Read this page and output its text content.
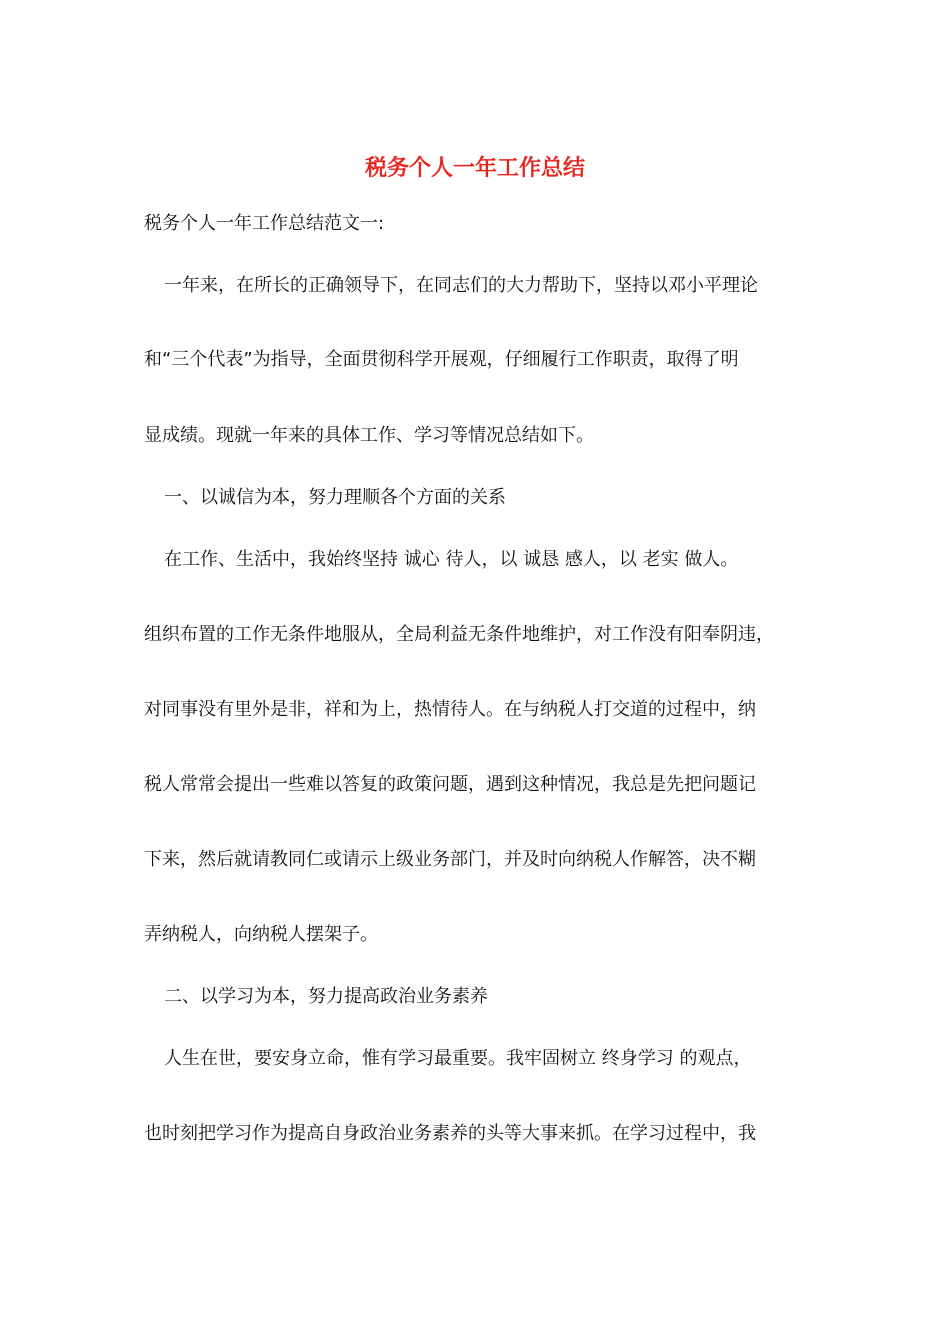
税务个人一年工作总结

税务个人一年工作总结范文一:

一年来，在所长的正确领导下，在同志们的大力帮助下，坚持以邓小平理论

和“三个代表”为指导，全面贯彻科学开展观，仔细履行工作职责，取得了明

显成绩。现就一年来的具体工作、学习等情况总结如下。

一、以诚信为本，努力理顺各个方面的关系

在工作、生活中，我始终坚持 诚心 待人，以 诚恳 感人，以 老实 做人。

组织布置的工作无条件地服从，全局利益无条件地维护，对工作没有阳奉阴违，

对同事没有里外是非，祥和为上，热情待人。在与纳税人打交道的过程中，纳

税人常常会提出一些难以答复的政策问题，遇到这种情况，我总是先把问题记

下来，然后就请教同仁或请示上级业务部门，并及时向纳税人作解答，决不糊

弄纳税人，向纳税人摆架子。

二、以学习为本，努力提高政治业务素养

人生在世，要安身立命，惟有学习最重要。我牢固树立 终身学习 的观点，

也时刻把学习作为提高自身政治业务素养的头等大事来抓。在学习过程中，我
